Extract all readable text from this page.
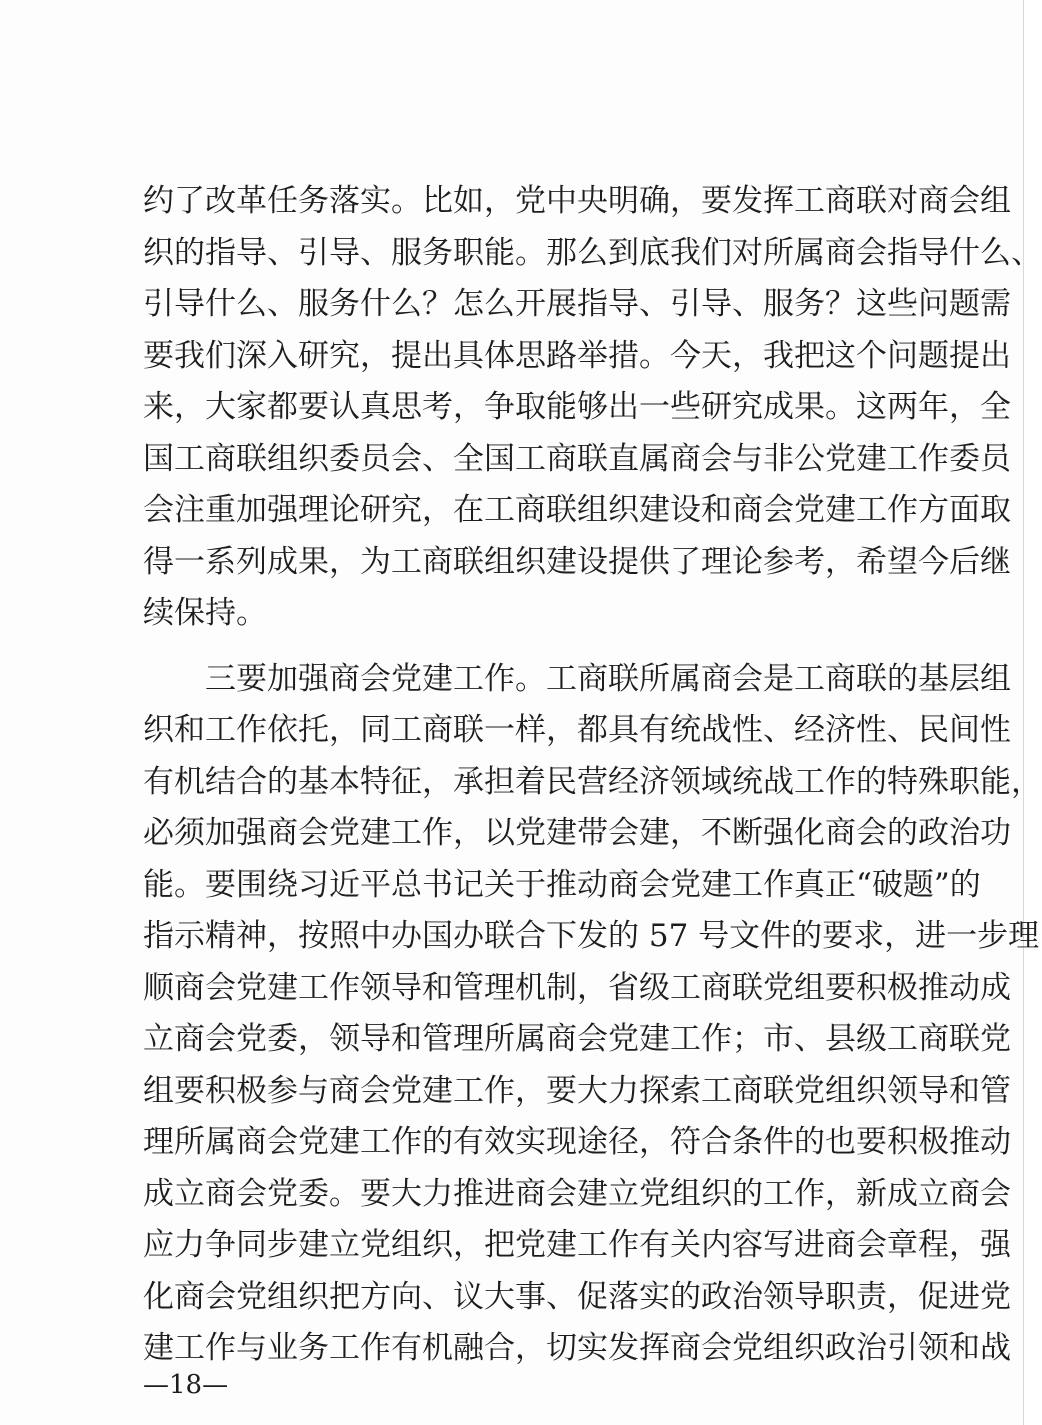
约了改革任务落实。比如，党中央明确，要发挥工商联对商会组
织的指导、引导、服务职能。那么到底我们对所属商会指导什么、
引导什么、服务什么？怎么开展指导、引导、服务？这些问题需
要我们深入研究，提出具体思路举措。今天，我把这个问题提出
来，大家都要认真思考，争取能够出一些研究成果。这两年，全
国工商联组织委员会、全国工商联直属商会与非公党建工作委员
会注重加强理论研究，在工商联组织建设和商会党建工作方面取
得一系列成果，为工商联组织建设提供了理论参考，希望今后继
续保持。
三要加强商会党建工作。工商联所属商会是工商联的基层组
织和工作依托，同工商联一样，都具有统战性、经济性、民间性
有机结合的基本特征，承担着民营经济领域统战工作的特殊职能，
必须加强商会党建工作，以党建带会建，不断强化商会的政治功
能。要围绕习近平总书记关于推动商会党建工作真正“破题”的
指示精神，按照中办国办联合下发的 57 号文件的要求，进一步理
顺商会党建工作领导和管理机制，省级工商联党组要积极推动成
立商会党委，领导和管理所属商会党建工作；市、县级工商联党
组要积极参与商会党建工作，要大力探索工商联党组织领导和管
理所属商会党建工作的有效实现途径，符合条件的也要积极推动
成立商会党委。要大力推进商会建立党组织的工作，新成立商会
应力争同步建立党组织，把党建工作有关内容写进商会章程，强
化商会党组织把方向、议大事、促落实的政治领导职责，促进党
建工作与业务工作有机融合，切实发挥商会党组织政治引领和战
—18—
